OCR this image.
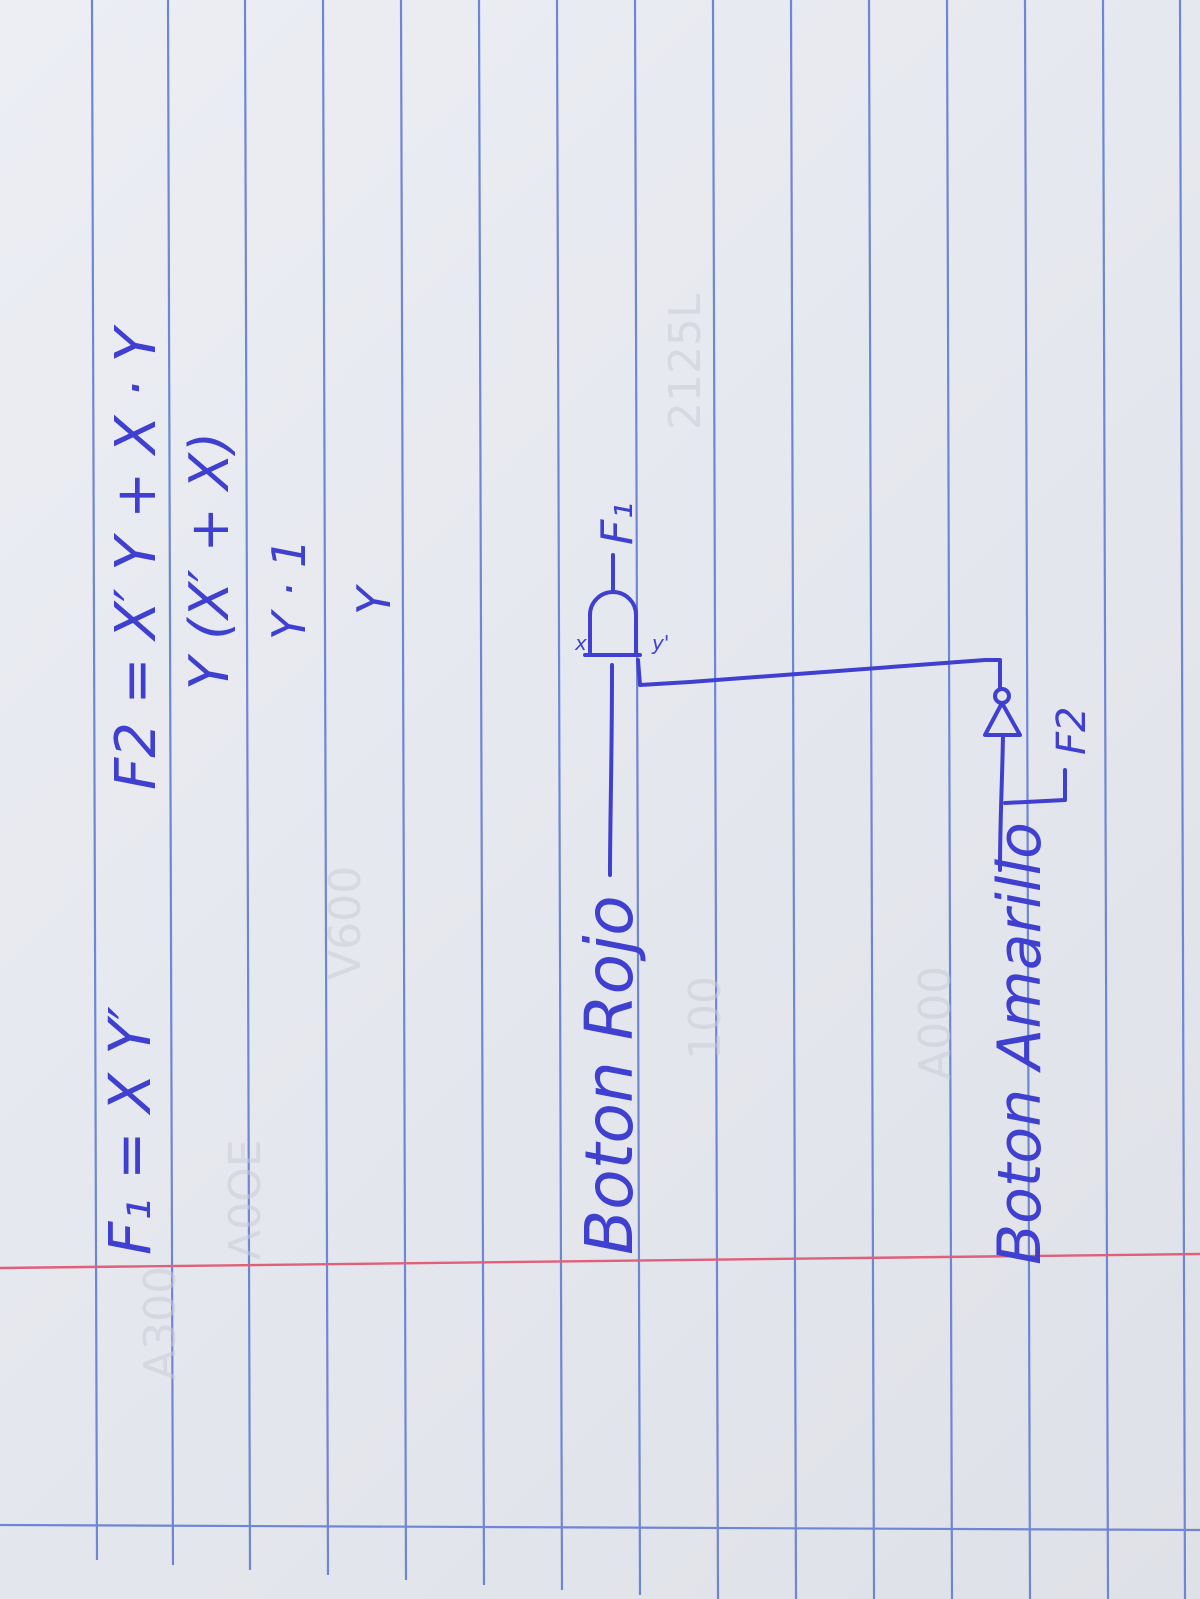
A300
Λ0OE
V600
100	A000
2125L
F₁ = X Y′
F2 = X′ Y + X · Y Y (X′ + X) Y · 1 Y
Boton Rojo	Boton Amarillo
x	y'
F₁
F2
